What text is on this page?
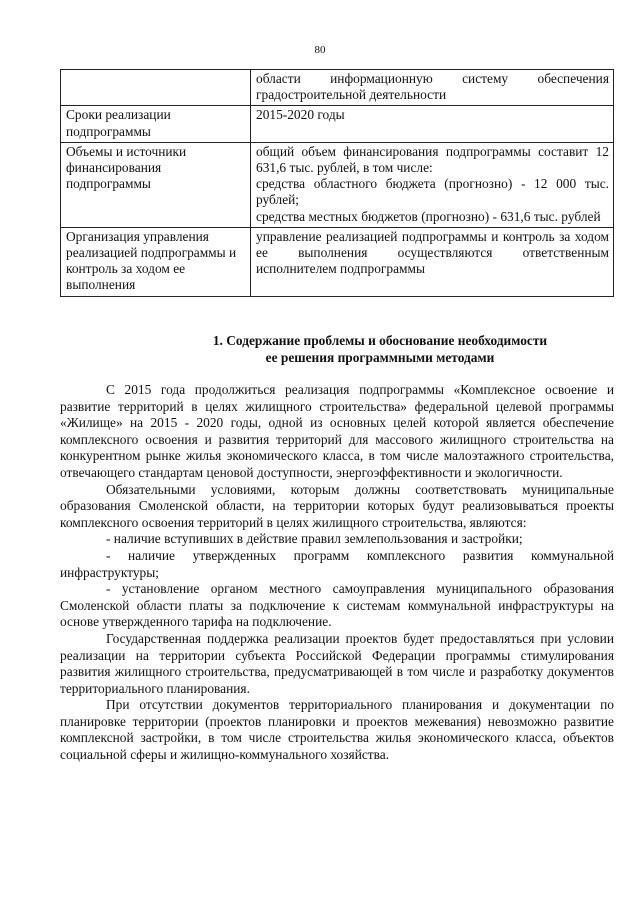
80

	области информационную систему обеспечения градостроительной деятельности

Сроки реализации подпрограммы	2015-2020 годы

Объемы и источники финансирования подпрограммы	общий объем финансирования подпрограммы составит 12 631,6 тыс. рублей, в том числе:
средства областного бюджета (прогнозно) - 12 000 тыс. рублей;
средства местных бюджетов (прогнозно) - 631,6 тыс. рублей

Организация управления реализацией подпрограммы и контроль за ходом ее выполнения	управление реализацией подпрограммы и контроль за ходом ее выполнения осуществляются ответственным исполнителем подпрограммы
1. Содержание проблемы и обоснование необходимости
ее решения программными методами

С 2015 года продолжиться реализация подпрограммы «Комплексное освоение и развитие территорий в целях жилищного строительства» федеральной целевой программы «Жилище» на 2015 - 2020 годы, одной из основных целей которой является обеспечение комплексного освоения и развития территорий для массового жилищного строительства на конкурентном рынке жилья экономического класса, в том числе малоэтажного строительства, отвечающего стандартам ценовой доступности, энергоэффективности и экологичности.

Обязательными условиями, которым должны соответствовать муниципальные образования Смоленской области, на территории которых будут реализовываться проекты комплексного освоения территорий в целях жилищного строительства, являются:

- наличие вступивших в действие правил землепользования и застройки;

- наличие утвержденных программ комплексного развития коммунальной инфраструктуры;

- установление органом местного самоуправления муниципального образования Смоленской области платы за подключение к системам коммунальной инфраструктуры на основе утвержденного тарифа на подключение.

Государственная поддержка реализации проектов будет предоставляться при условии реализации на территории субъекта Российской Федерации программы стимулирования развития жилищного строительства, предусматривающей в том числе и разработку документов территориального планирования.

При отсутствии документов территориального планирования и документации по планировке территории (проектов планировки и проектов межевания) невозможно развитие комплексной застройки, в том числе строительства жилья экономического класса, объектов социальной сферы и жилищно-коммунального хозяйства.
